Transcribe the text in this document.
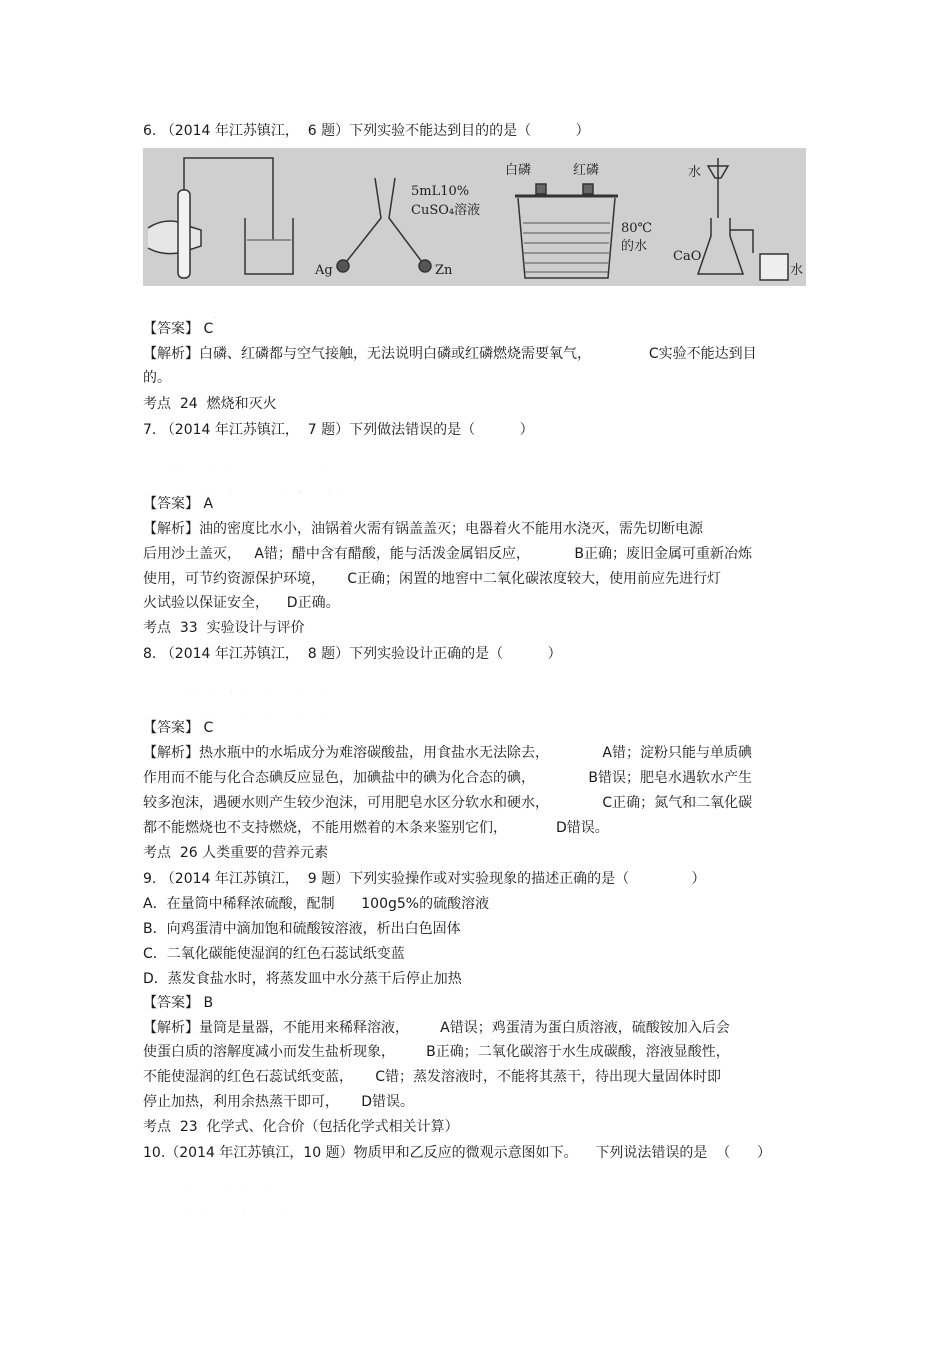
6. （2014 年江苏镇江，  6 题）下列实验不能达到目的的是（          ）
5mL10%
CuSO₄溶液
Ag	Zn
白磷	红磷
80℃
的水
水
CaO
水

【答案】 C
【解析】白磷、红磷都与空气接触，无法说明白磷或红磷燃烧需要氧气，             C实验不能达到目
的。
考点  24  燃烧和灭火
7. （2014 年江苏镇江，  7 题）下列做法错误的是（          ）

【答案】 A
【解析】油的密度比水小，油锅着火需有锅盖盖灭；电器着火不能用水浇灭，需先切断电源
后用沙土盖灭，   A错；醋中含有醋酸，能与活泼金属铝反应，          B正确；废旧金属可重新冶炼
使用，可节约资源保护环境，     C正确；闲置的地窖中二氧化碳浓度较大，使用前应先进行灯
火试验以保证安全，    D正确。
考点  33  实验设计与评价
8. （2014 年江苏镇江，  8 题）下列实验设计正确的是（          ）

【答案】 C
【解析】热水瓶中的水垢成分为难溶碳酸盐，用食盐水无法除去，            A错；淀粉只能与单质碘
作用而不能与化合态碘反应显色，加碘盐中的碘为化合态的碘，            B错误；肥皂水遇软水产生
较多泡沫，遇硬水则产生较少泡沫，可用肥皂水区分软水和硬水，            C正确；氮气和二氧化碳
都不能燃烧也不支持燃烧，不能用燃着的木条来鉴别它们，           D错误。
考点  26 人类重要的营养元素
9. （2014 年江苏镇江，  9 题）下列实验操作或对实验现象的描述正确的是（              ）
A．在量筒中稀释浓硫酸，配制      100g5%的硫酸溶液
B．向鸡蛋清中滴加饱和硫酸铵溶液，析出白色固体
C．二氧化碳能使湿润的红色石蕊试纸变蓝
D．蒸发食盐水时，将蒸发皿中水分蒸干后停止加热
【答案】 B
【解析】量筒是量器，不能用来稀释溶液，       A错误；鸡蛋清为蛋白质溶液，硫酸铵加入后会
使蛋白质的溶解度减小而发生盐析现象，       B正确；二氧化碳溶于水生成碳酸，溶液显酸性，
不能使湿润的红色石蕊试纸变蓝，     C错；蒸发溶液时，不能将其蒸干，待出现大量固体时即
停止加热，利用余热蒸干即可，     D错误。
考点  23  化学式、化合价（包括化学式相关计算）
10.（2014 年江苏镇江，10 题）物质甲和乙反应的微观示意图如下。    下列说法错误的是  （      ）
